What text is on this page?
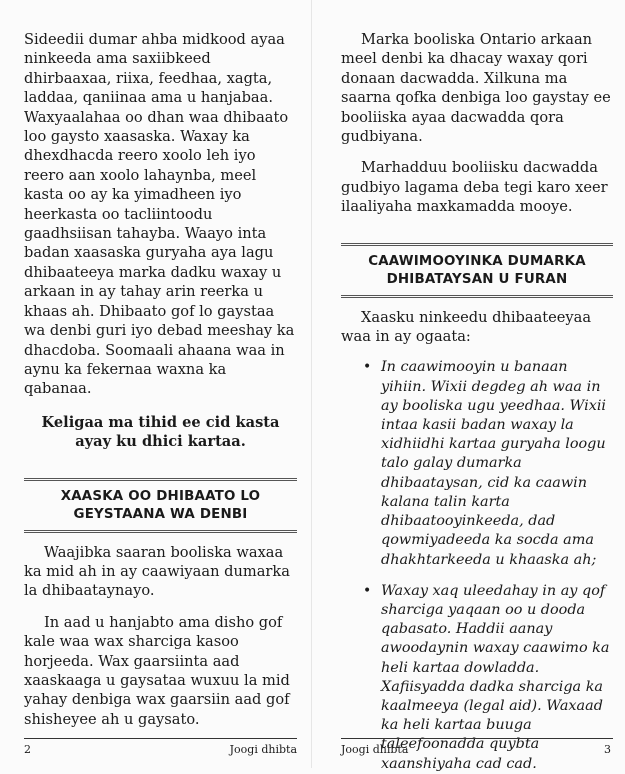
Sideedii dumar ahba midkood ayaa ninkeeda ama saxiibkeed dhirbaaxaa, riixa, feedhaa, xagta, laddaa, qaniinaa ama u hanjabaa. Waxyaalahaa oo dhan waa dhibaato loo gaysto xaasaska. Waxay ka dhexdhacda reero xoolo leh iyo reero aan xoolo lahaynba, meel kasta oo ay ka yimadheen iyo heerkasta oo tacliintoodu gaadhsiisan tahayba. Waayo inta badan xaasaska guryaha aya lagu dhibaateeya marka dadku waxay u arkaan in ay tahay arin reerka u khaas ah. Dhibaato gof lo gaystaa wa denbi guri iyo debad meeshay ka dhacdoba. Soomaali ahaana waa in aynu ka fekernaa waxna ka qabanaa.

Keligaa ma tihid ee cid kasta ayay ku dhici kartaa.
XAASKA OO DHIBAATO LO
GEYSTAANA WA DENBI

Waajibka saaran booliska waxaa ka mid ah in ay caawiyaan dumarka la dhibaataynayo.

In aad u hanjabto ama disho gof kale waa wax sharciga kasoo horjeeda. Wax gaarsiinta aad xaaskaaga u gaysataa wuxuu la mid yahay denbiga wax gaarsiin aad gof shisheyee ah u gaysato.

2	Joogi dhibta

Marka booliska Ontario arkaan meel denbi ka dhacay waxay qori donaan dacwadda. Xilkuna ma saarna qofka denbiga loo gaystay ee booliiska ayaa dacwadda qora gudbiyana.

Marhadduu booliisku dacwadda gudbiyo lagama deba tegi karo xeer ilaaliyaha maxkamadda mooye.

CAAWIMOOYINKA DUMARKA
DHIBATAYSAN U FURAN

Xaasku ninkeedu dhibaateeyaa waa in ay ogaata:

• In caawimooyin u banaan yihiin. Wixii degdeg ah waa in ay booliska ugu yeedhaa. Wixii intaa kasii badan waxay la xidhiidhi kartaa guryaha loogu talo galay dumarka dhibaataysan, cid ka caawin kalana talin karta dhibaatooyinkeeda, dad qowmiyadeeda ka socda ama dhakhtarkeeda u khaaska ah;
• Waxay xaq uleedahay in ay qof sharciga yaqaan oo u dooda qabasato. Haddii aanay awoodaynin waxay caawimo ka heli kartaa dowladda. Xafiisyadda dadka sharciga ka kaalmeeya (legal aid). Waxaad ka heli kartaa buuga taleefoonadda quybta xaanshiyaha cad cad.
Joogi dhibta	3
